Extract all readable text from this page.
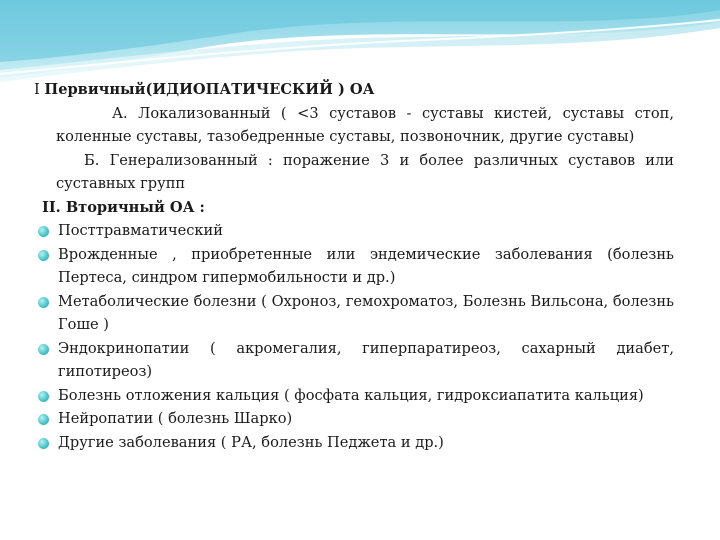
I Первичный(ИДИОПАТИЧЕСКИЙ ) ОА

А. Локализованный ( <3 суставов - суставы кистей, суставы стоп, коленные суставы, тазобедренные суставы, позвоночник, другие суставы)

Б. Генерализованный : поражение 3 и более различных суставов или суставных групп

II. Вторичный ОА :

Посттравматический
Врожденные , приобретенные или эндемические заболевания (болезнь Пертеса, синдром гипермобильности и др.)
Метаболические болезни ( Охроноз, гемохроматоз, Болезнь Вильсона, болезнь Гоше )
Эндокринопатии ( акромегалия, гиперпаратиреоз, сахарный диабет, гипотиреоз)
Болезнь отложения кальция ( фосфата кальция, гидроксиапатита кальция)
Нейропатии ( болезнь Шарко)
Другие заболевания ( РА, болезнь Педжета и др.)
